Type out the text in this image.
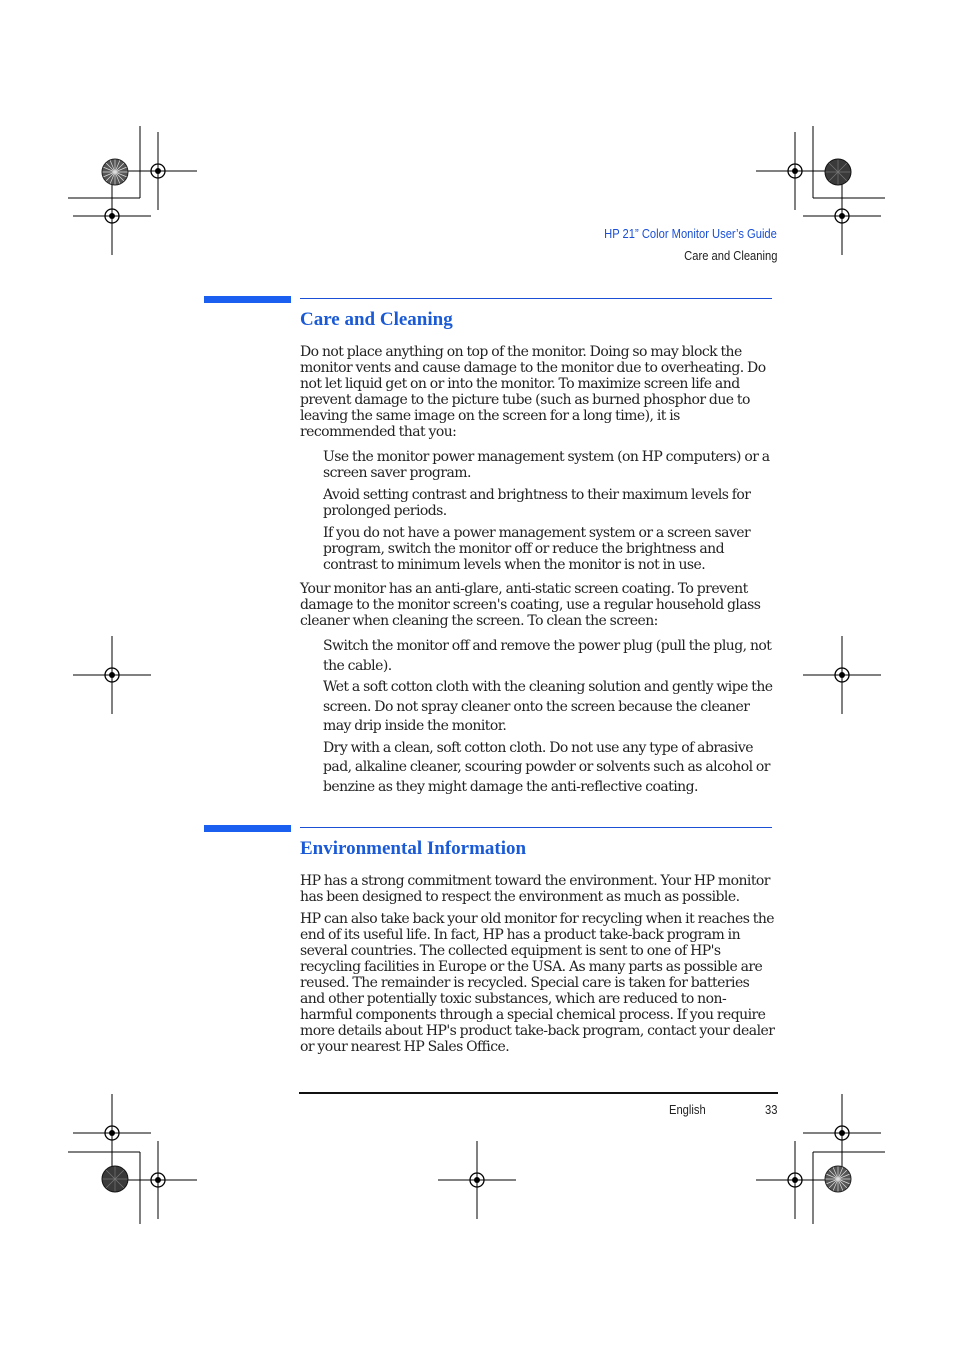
HP 21” Color Monitor User’s Guide
Care and Cleaning
Care and Cleaning

Do not place anything on top of the monitor. Doing so may block the monitor vents and cause damage to the monitor due to overheating. Do not let liquid get on or into the monitor. To maximize screen life and prevent damage to the picture tube (such as burned phosphor due to leaving the same image on the screen for a long time), it is recommended that you:

Use the monitor power management system (on HP computers) or a screen saver program.

Avoid setting contrast and brightness to their maximum levels for prolonged periods.

If you do not have a power management system or a screen saver program, switch the monitor off or reduce the brightness and contrast to minimum levels when the monitor is not in use.

Your monitor has an anti-glare, anti-static screen coating. To prevent damage to the monitor screen's coating, use a regular household glass cleaner when cleaning the screen. To clean the screen:

Switch the monitor off and remove the power plug (pull the plug, not the cable).

Wet a soft cotton cloth with the cleaning solution and gently wipe the screen. Do not spray cleaner onto the screen because the cleaner may drip inside the monitor.

Dry with a clean, soft cotton cloth. Do not use any type of abrasive pad, alkaline cleaner, scouring powder or solvents such as alcohol or benzine as they might damage the anti-reflective coating.

Environmental Information

HP has a strong commitment toward the environment. Your HP monitor has been designed to respect the environment as much as possible.

HP can also take back your old monitor for recycling when it reaches the end of its useful life. In fact, HP has a product take-back program in several countries. The collected equipment is sent to one of HP's recycling facilities in Europe or the USA. As many parts as possible are reused. The remainder is recycled. Special care is taken for batteries and other potentially toxic substances, which are reduced to non-harmful components through a special chemical process. If you require more details about HP's product take-back program, contact your dealer or your nearest HP Sales Office.

English	33
